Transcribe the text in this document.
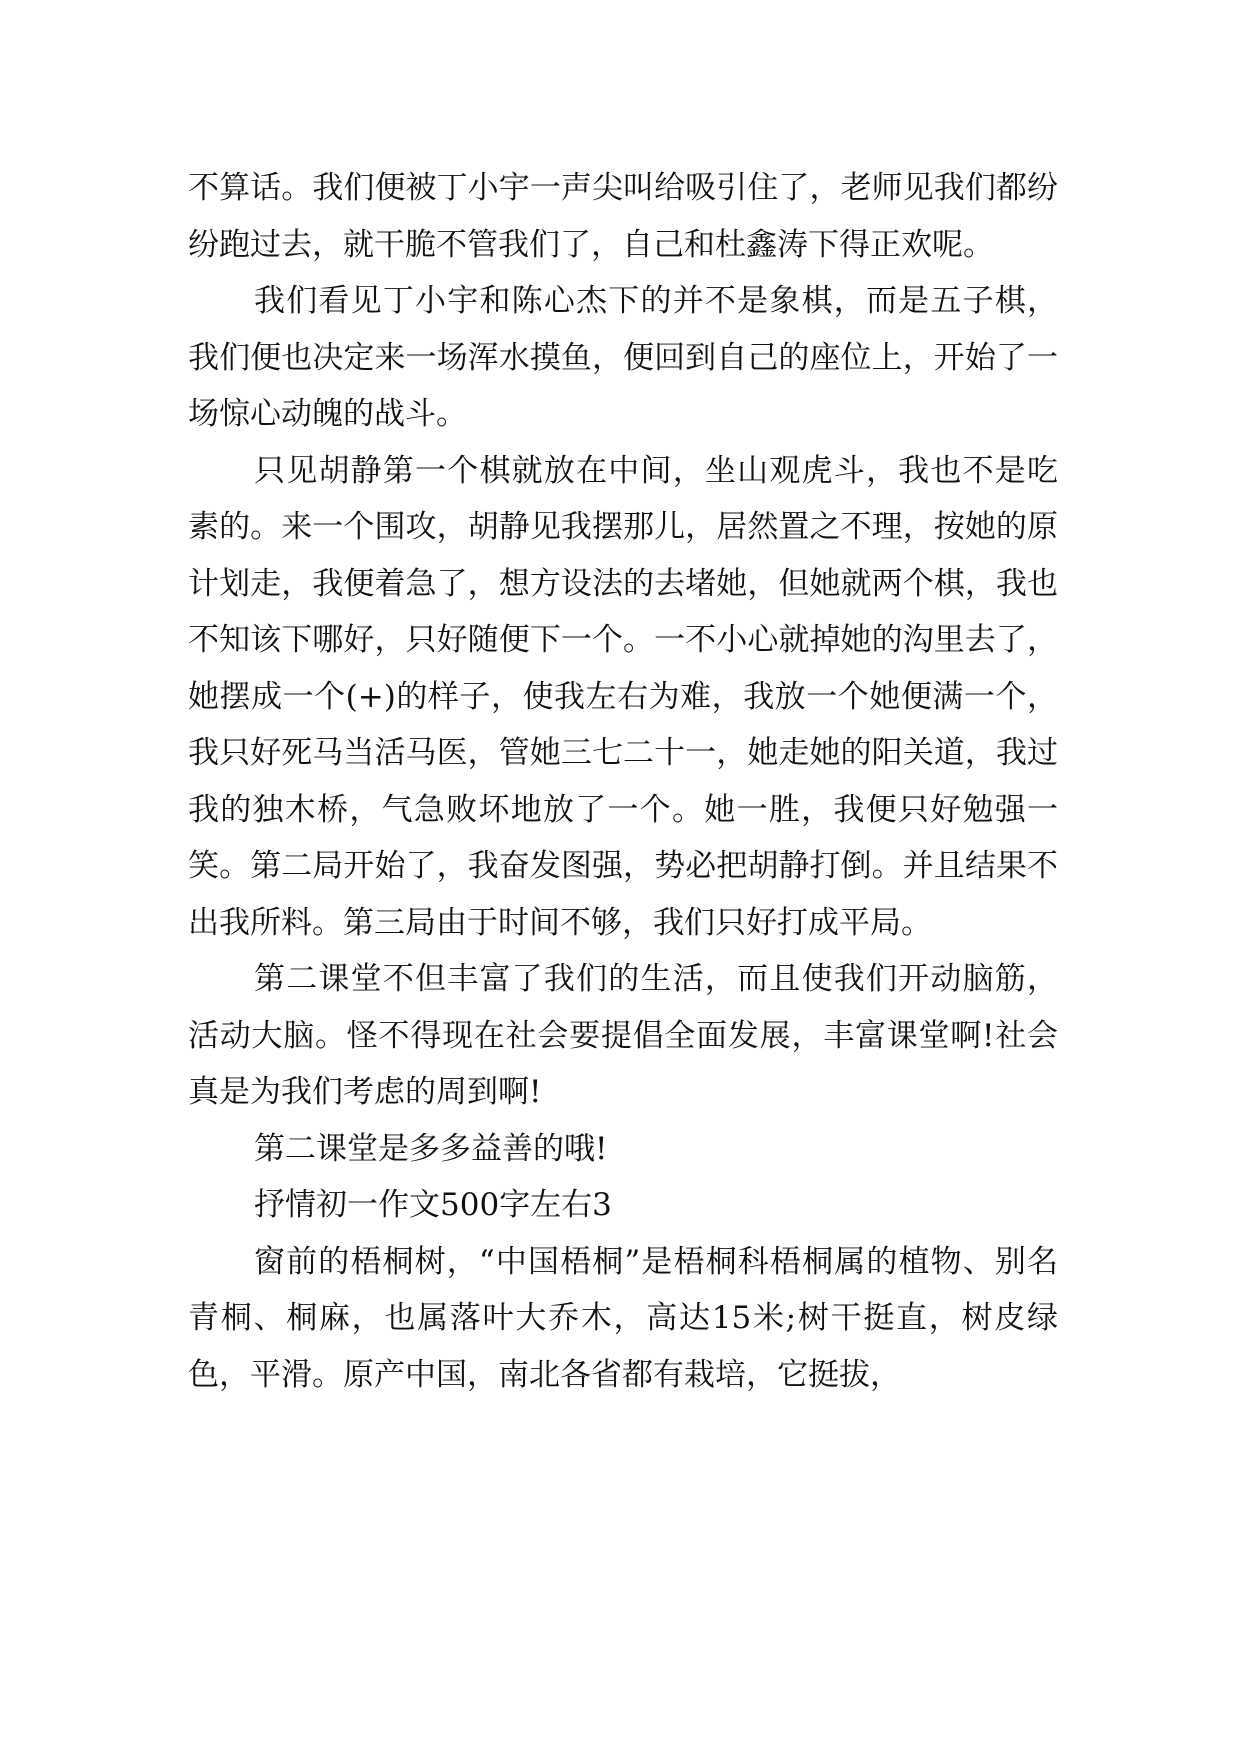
不算话。我们便被丁小宇一声尖叫给吸引住了，老师见我们都纷纷跑过去，就干脆不管我们了，自己和杜鑫涛下得正欢呢。

我们看见丁小宇和陈心杰下的并不是象棋，而是五子棋，我们便也决定来一场浑水摸鱼，便回到自己的座位上，开始了一场惊心动魄的战斗。

只见胡静第一个棋就放在中间，坐山观虎斗，我也不是吃素的。来一个围攻，胡静见我摆那儿，居然置之不理，按她的原计划走，我便着急了，想方设法的去堵她，但她就两个棋，我也不知该下哪好，只好随便下一个。一不小心就掉她的沟里去了，她摆成一个(+)的样子，使我左右为难，我放一个她便满一个，我只好死马当活马医，管她三七二十一，她走她的阳关道，我过我的独木桥，气急败坏地放了一个。她一胜，我便只好勉强一笑。第二局开始了，我奋发图强，势必把胡静打倒。并且结果不出我所料。第三局由于时间不够，我们只好打成平局。

第二课堂不但丰富了我们的生活，而且使我们开动脑筋，活动大脑。怪不得现在社会要提倡全面发展，丰富课堂啊!社会真是为我们考虑的周到啊!

第二课堂是多多益善的哦!

抒情初一作文500字左右3

窗前的梧桐树，“中国梧桐”是梧桐科梧桐属的植物、别名青桐、桐麻，也属落叶大乔木，高达15米;树干挺直，树皮绿色，平滑。原产中国，南北各省都有栽培，它挺拔，
